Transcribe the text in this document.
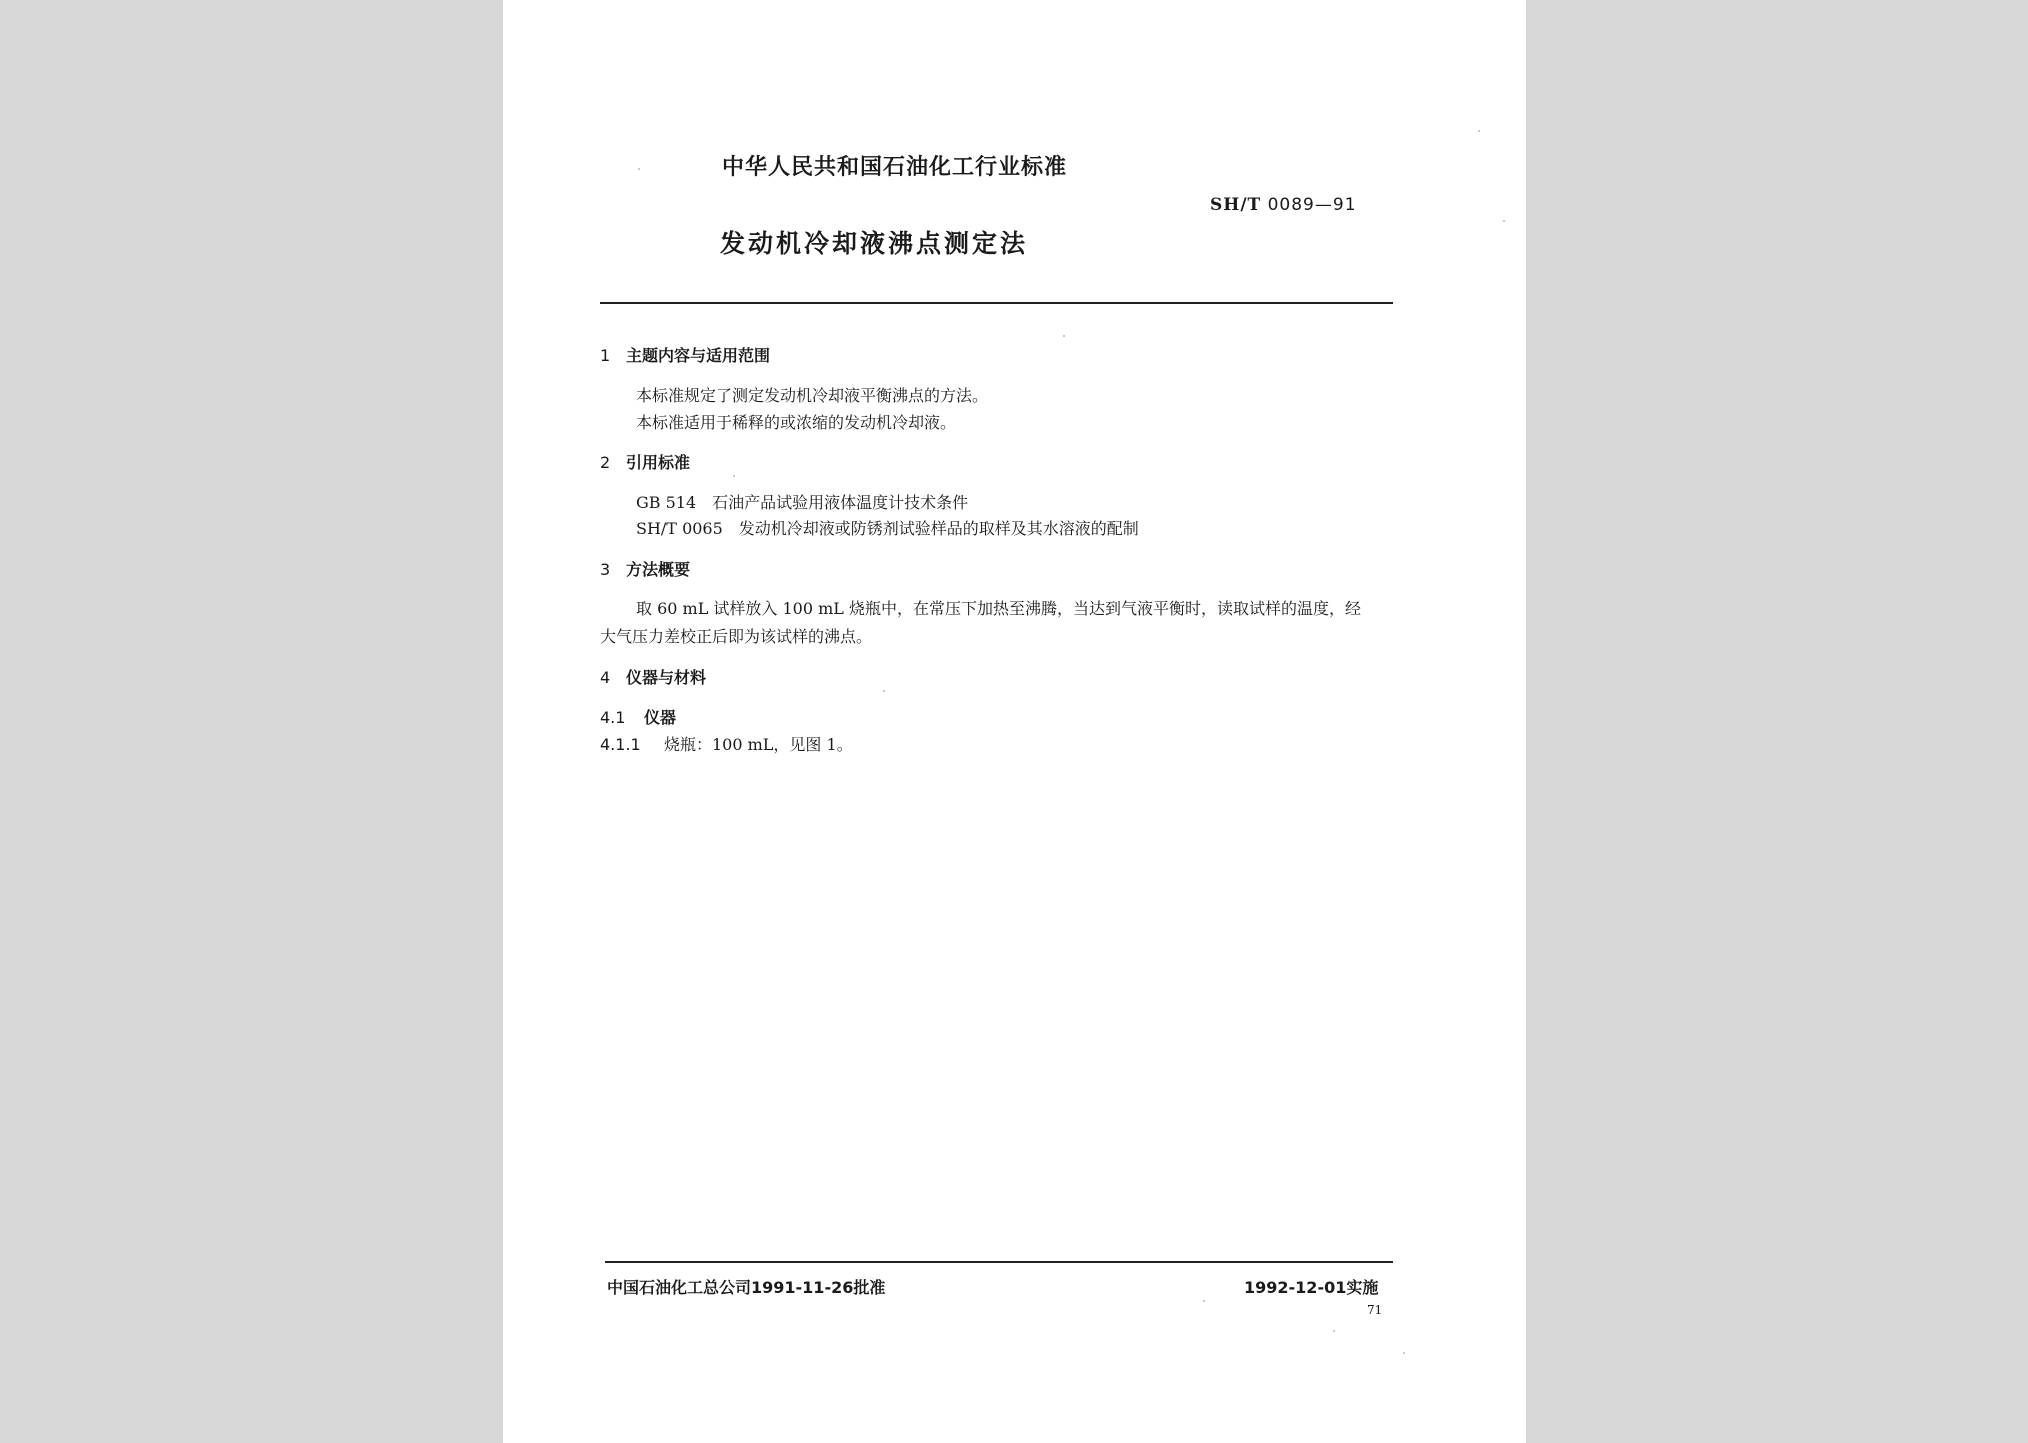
中华人民共和国石油化工行业标准
SH/T 0089—91
发动机冷却液沸点测定法
1 主题内容与适用范围
本标准规定了测定发动机冷却液平衡沸点的方法。
本标准适用于稀释的或浓缩的发动机冷却液。
2 引用标准
GB 514 石油产品试验用液体温度计技术条件
SH/T 0065 发动机冷却液或防锈剂试验样品的取样及其水溶液的配制
3 方法概要
取 60 mL 试样放入 100 mL 烧瓶中，在常压下加热至沸腾，当达到气液平衡时，读取试样的温度，经
大气压力差校正后即为该试样的沸点。
4 仪器与材料
4.1 仪器
4.1.1 烧瓶：100 mL，见图 1。
中国石油化工总公司1991-11-26批准	1992-12-01实施
71
